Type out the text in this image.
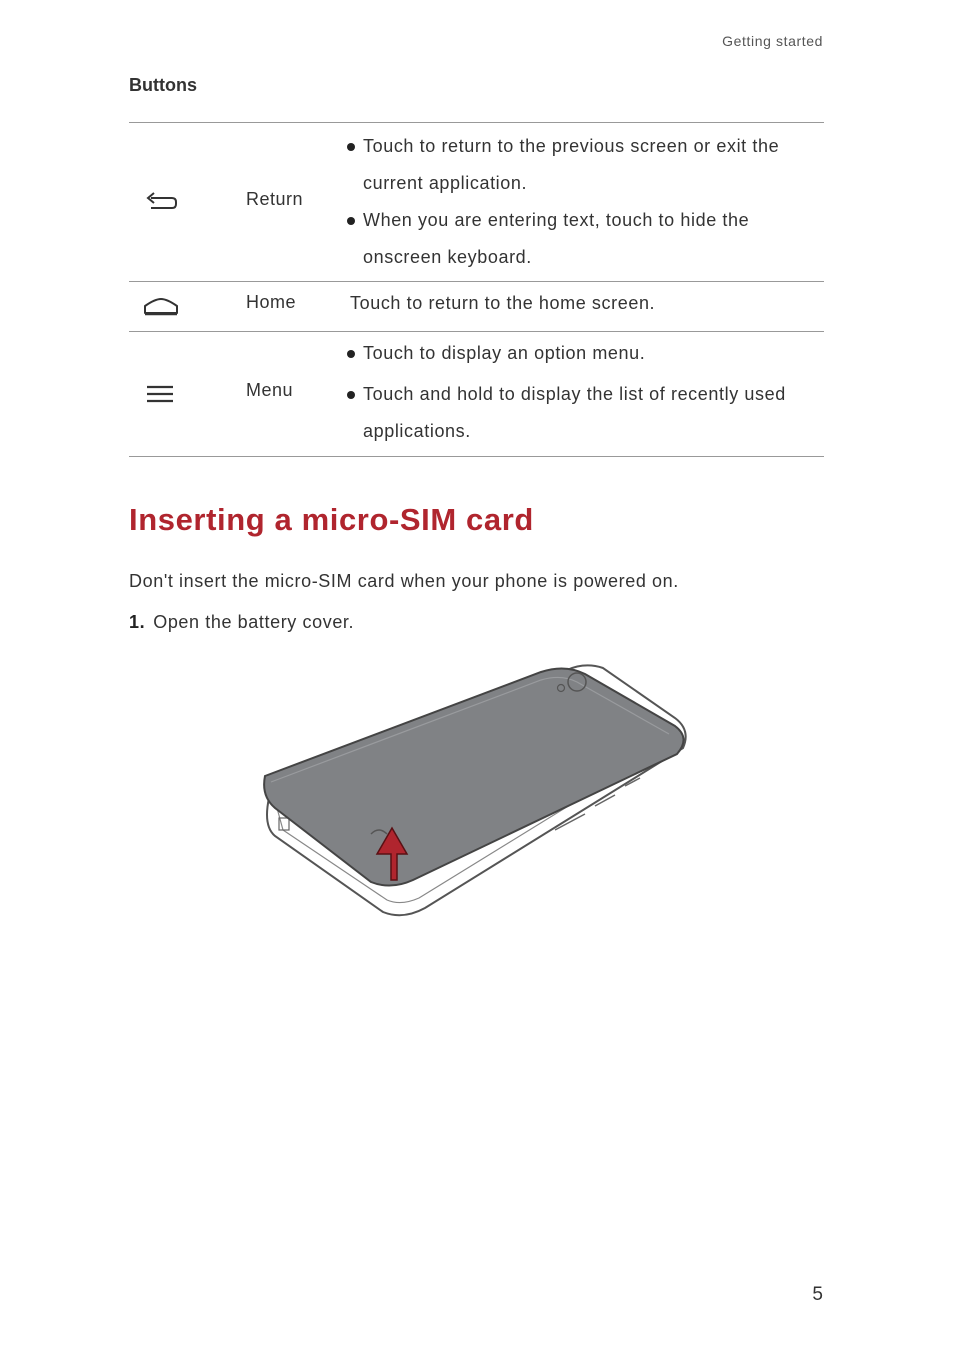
Getting started
Buttons
Return
Touch to return to the previous screen or exit the
current application.
When you are entering text, touch to hide the
onscreen keyboard.
Home	Touch to return to the home screen.
Menu
Touch to display an option menu.
Touch and hold to display the list of recently used
applications.
Inserting a micro-SIM card
Don't insert the micro-SIM card when your phone is powered on.
1. Open the battery cover.
5
